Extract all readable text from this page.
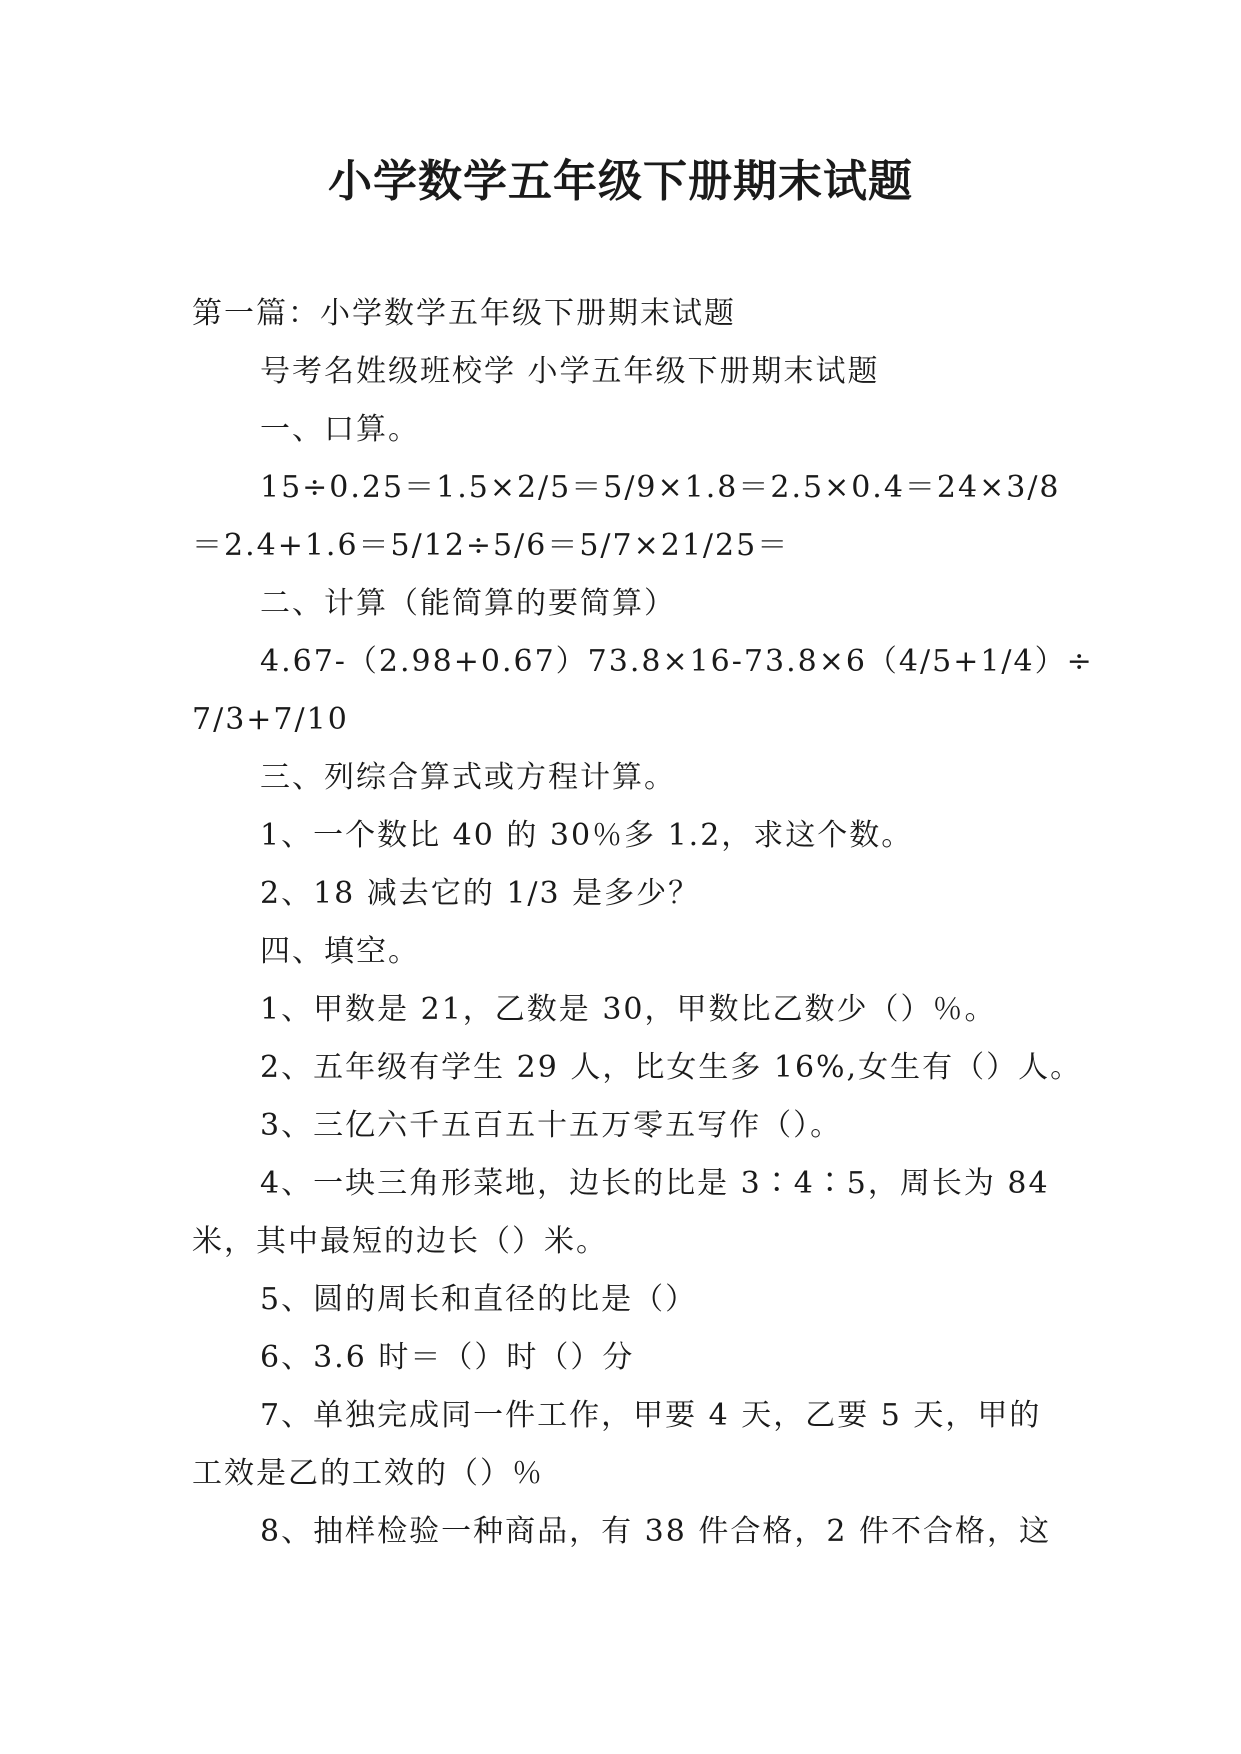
小学数学五年级下册期末试题

第一篇：小学数学五年级下册期末试题

号考名姓级班校学 小学五年级下册期末试题

一、口算。

15÷0.25＝1.5×2/5＝5/9×1.8＝2.5×0.4＝24×3/8

＝2.4+1.6＝5/12÷5/6＝5/7×21/25＝

二、计算（能简算的要简算）

4.67-（2.98+0.67）73.8×16-73.8×6（4/5+1/4）÷

7/3+7/10

三、列综合算式或方程计算。

1、一个数比 40 的 30％多 1.2，求这个数。

2、18 减去它的 1/3 是多少？

四、填空。

1、甲数是 21，乙数是 30，甲数比乙数少（）％。

2、五年级有学生 29 人，比女生多 16%,女生有（）人。

3、三亿六千五百五十五万零五写作（）。

4、一块三角形菜地，边长的比是 3∶4∶5，周长为 84

米，其中最短的边长（）米。

5、圆的周长和直径的比是（）

6、3.6 时＝（）时（）分

7、单独完成同一件工作，甲要 4 天，乙要 5 天，甲的

工效是乙的工效的（）％

8、抽样检验一种商品，有 38 件合格，2 件不合格，这
